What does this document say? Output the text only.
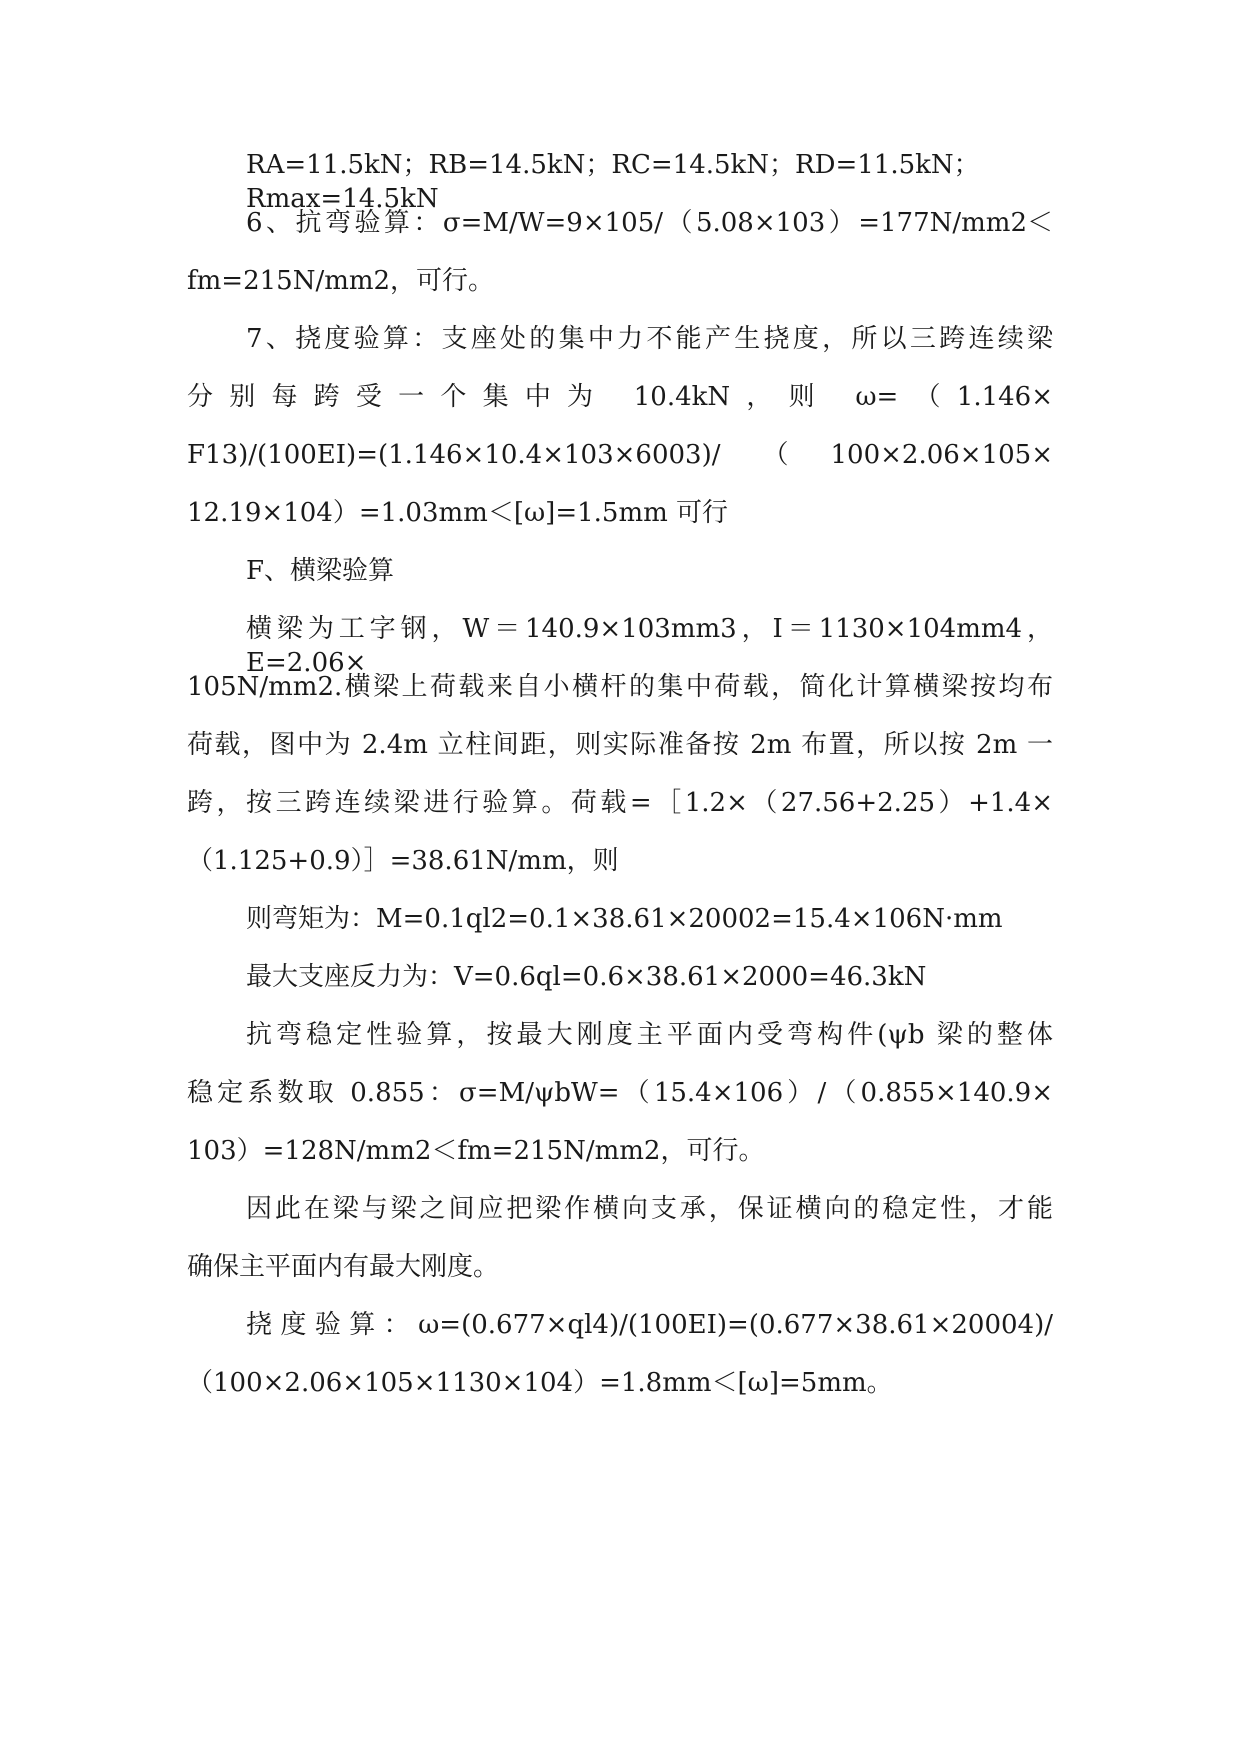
RA=11.5kN；RB=14.5kN；RC=14.5kN；RD=11.5kN；Rmax=14.5kN
6、抗弯验算：σ=M/W=9×105/（5.08×103）=177N/mm2＜
fm=215N/mm2，可行。
7、挠度验算：支座处的集中力不能产生挠度，所以三跨连续梁
分别每跨受一个集中为 10.4kN，则 ω=（1.146×
F13)/(100EI)=(1.146×10.4×103×6003)/（100×2.06×105×
12.19×104）=1.03mm＜[ω]=1.5mm 可行
F、横梁验算
横梁为工字钢，W＝140.9×103mm3，I＝1130×104mm4，E=2.06×
105N/mm2.横梁上荷载来自小横杆的集中荷载，简化计算横梁按均布
荷载，图中为 2.4m 立柱间距，则实际准备按 2m 布置，所以按 2m 一
跨，按三跨连续梁进行验算。荷载=［1.2×（27.56+2.25）+1.4×
（1.125+0.9）］=38.61N/mm，则
则弯矩为：M=0.1ql2=0.1×38.61×20002=15.4×106N·mm
最大支座反力为：V=0.6ql=0.6×38.61×2000=46.3kN
抗弯稳定性验算，按最大刚度主平面内受弯构件(ψb 梁的整体
稳定系数取 0.855：σ=M/ψbW=（15.4×106）/（0.855×140.9×
103）=128N/mm2＜fm=215N/mm2，可行。
因此在梁与梁之间应把梁作横向支承，保证横向的稳定性，才能
确保主平面内有最大刚度。
挠度验算：ω=(0.677×ql4)/(100EI)=(0.677×38.61×20004)/
（100×2.06×105×1130×104）=1.8mm＜[ω]=5mm。
